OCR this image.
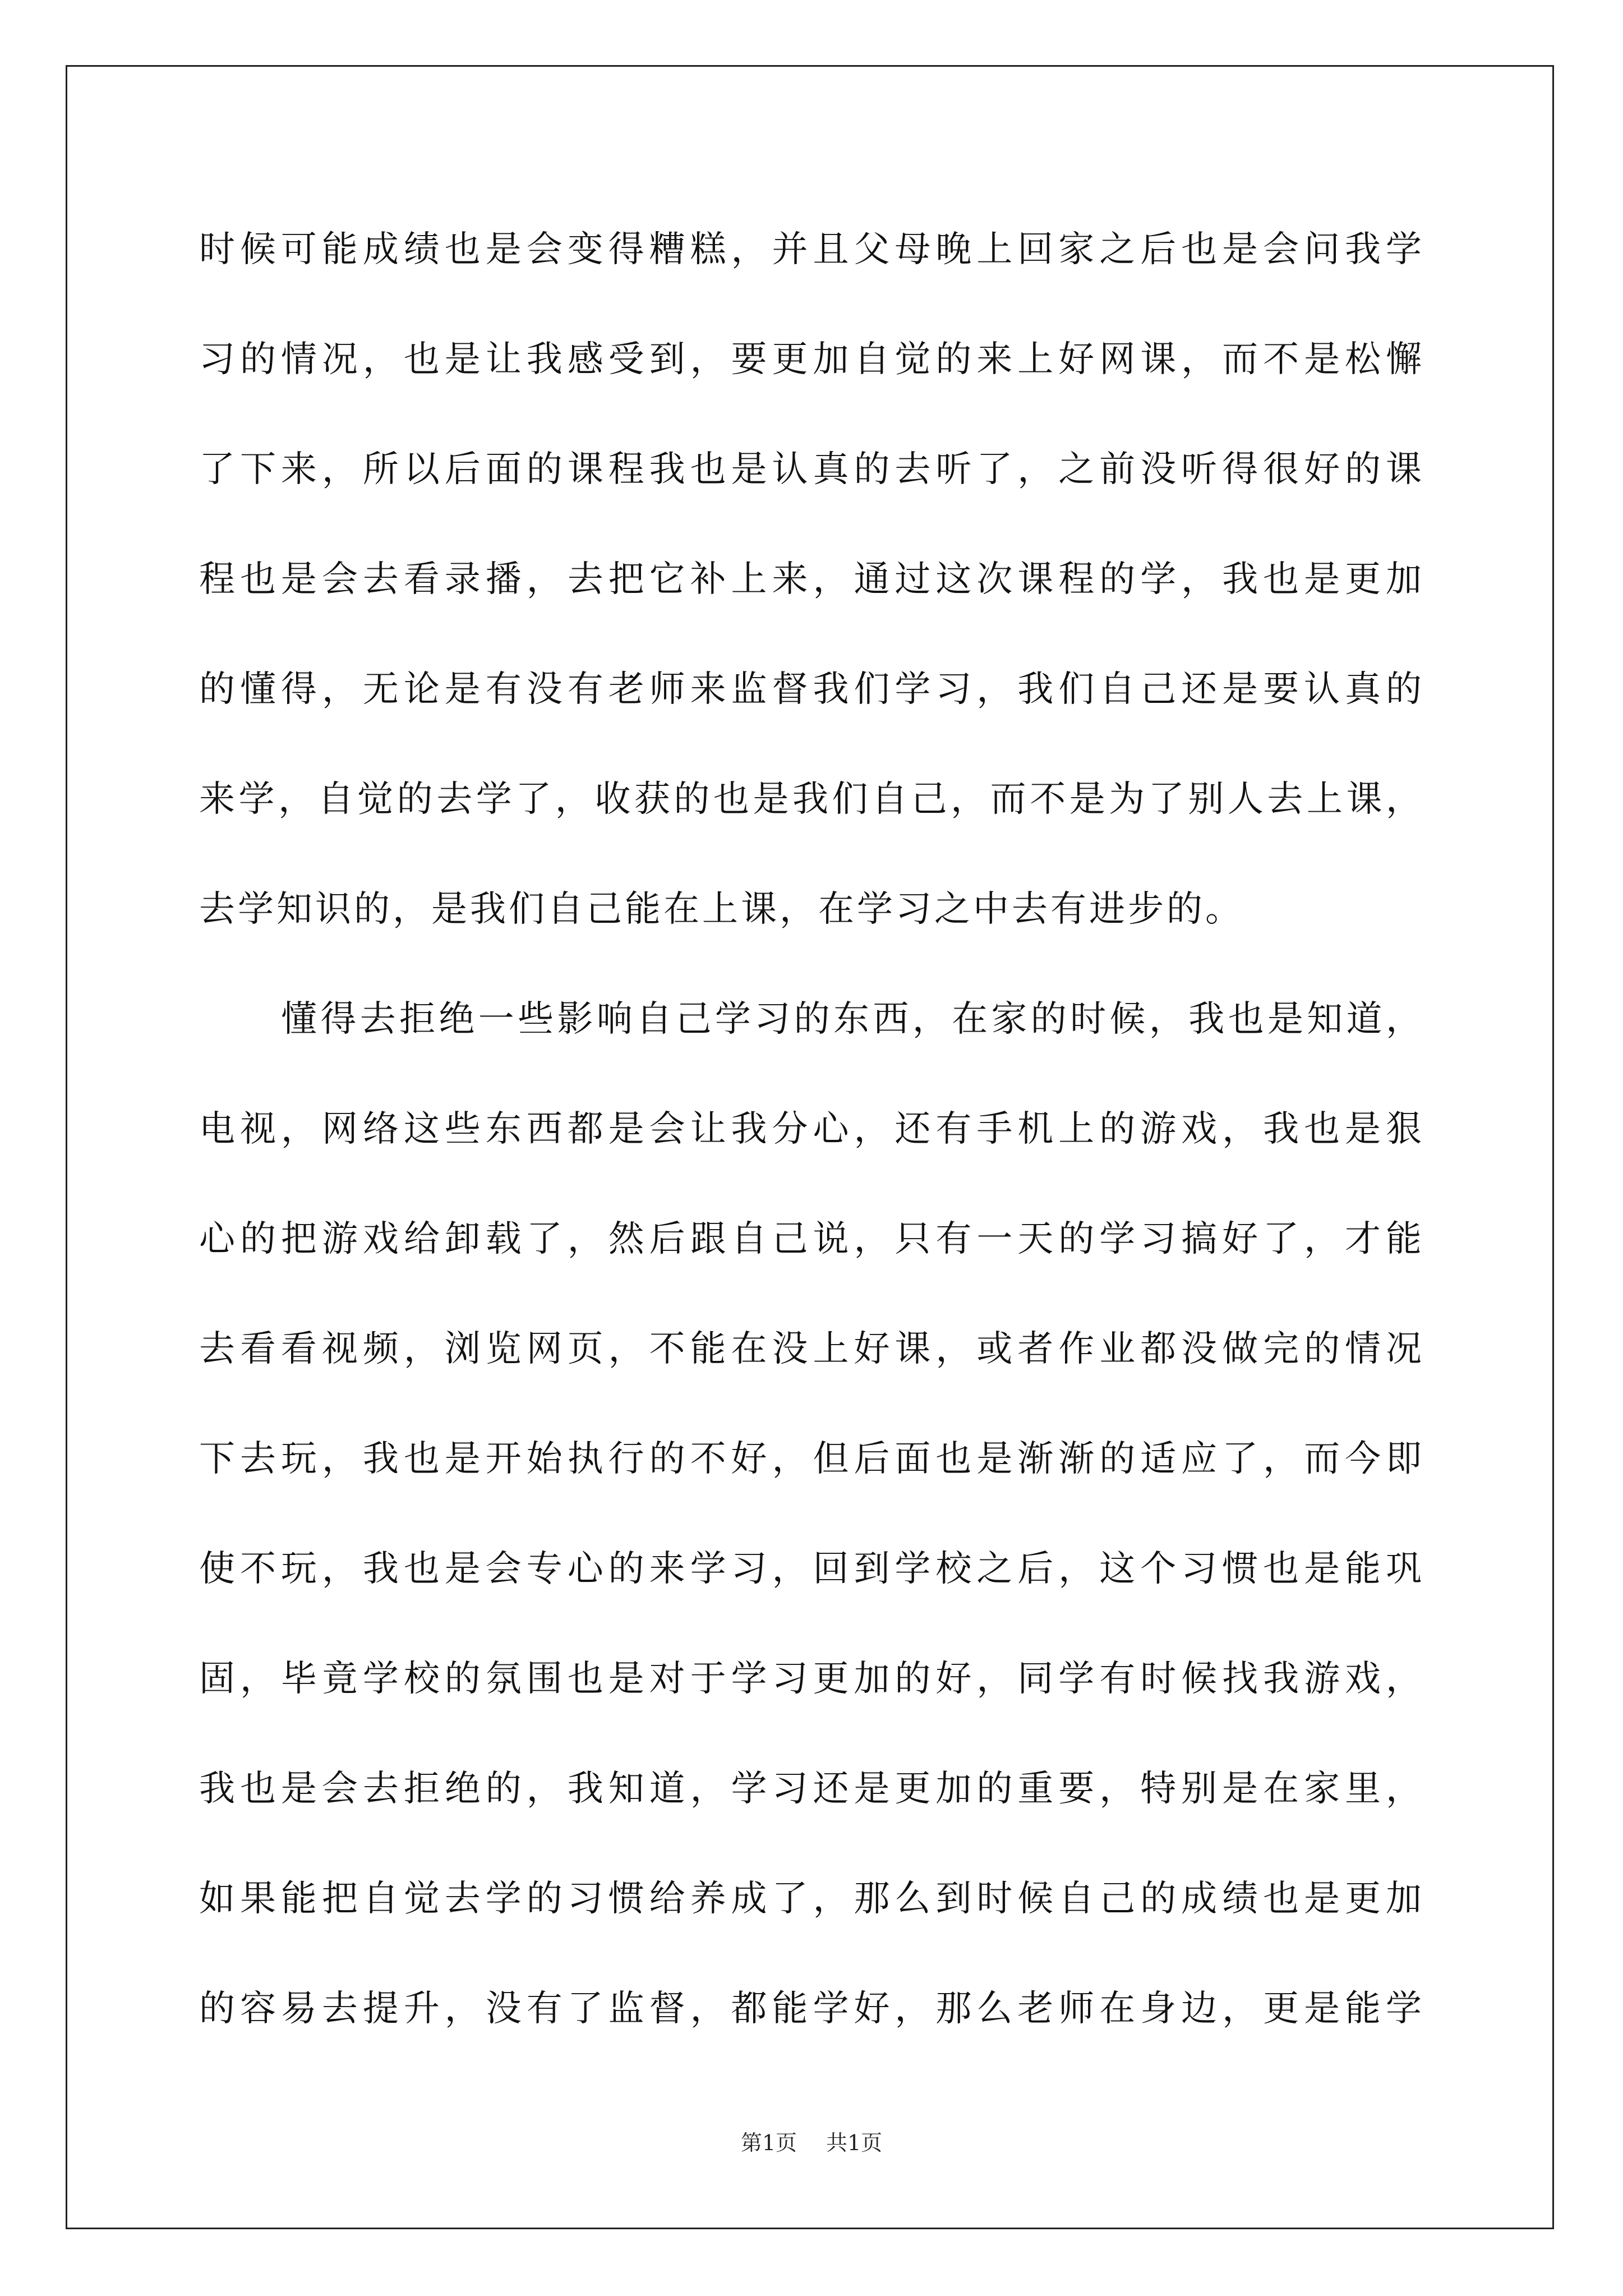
时候可能成绩也是会变得糟糕，并且父母晚上回家之后也是会问我学
习的情况，也是让我感受到，要更加自觉的来上好网课，而不是松懈
了下来，所以后面的课程我也是认真的去听了，之前没听得很好的课
程也是会去看录播，去把它补上来，通过这次课程的学，我也是更加
的懂得，无论是有没有老师来监督我们学习，我们自己还是要认真的
来学，自觉的去学了，收获的也是我们自己，而不是为了别人去上课，
去学知识的，是我们自己能在上课，在学习之中去有进步的。
懂得去拒绝一些影响自己学习的东西，在家的时候，我也是知道，
电视，网络这些东西都是会让我分心，还有手机上的游戏，我也是狠
心的把游戏给卸载了，然后跟自己说，只有一天的学习搞好了，才能
去看看视频，浏览网页，不能在没上好课，或者作业都没做完的情况
下去玩，我也是开始执行的不好，但后面也是渐渐的适应了，而今即
使不玩，我也是会专心的来学习，回到学校之后，这个习惯也是能巩
固，毕竟学校的氛围也是对于学习更加的好，同学有时候找我游戏，
我也是会去拒绝的，我知道，学习还是更加的重要，特别是在家里，
如果能把自觉去学的习惯给养成了，那么到时候自己的成绩也是更加
的容易去提升，没有了监督，都能学好，那么老师在身边，更是能学
第1页 共1页
